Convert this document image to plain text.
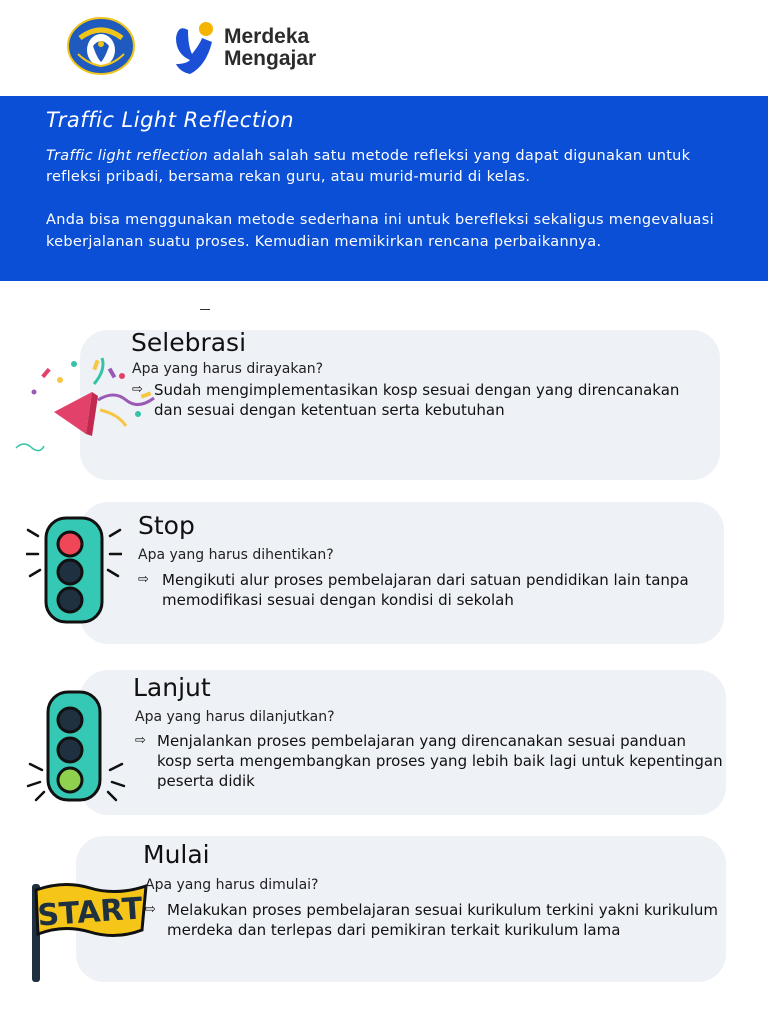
Merdeka
Mengajar
Traffic Light Reflection

Traffic light reflection adalah salah satu metode refleksi yang dapat digunakan untuk refleksi pribadi, bersama rekan guru, atau murid-murid di kelas.

Anda bisa menggunakan metode sederhana ini untuk berefleksi sekaligus mengevaluasi keberjalanan suatu proses. Kemudian memikirkan rencana perbaikannya.

Selebrasi
Apa yang harus dirayakan?
⇨ Sudah mengimplementasikan kosp sesuai dengan yang direncanakan dan sesuai dengan ketentuan serta kebutuhan
Stop
Apa yang harus dihentikan?
⇨ Mengikuti alur proses pembelajaran dari satuan pendidikan lain tanpa memodifikasi sesuai dengan kondisi di sekolah
Lanjut
Apa yang harus dilanjutkan?
⇨ Menjalankan proses pembelajaran yang direncanakan sesuai panduan kosp serta mengembangkan proses yang lebih baik lagi untuk kepentingan peserta didik
START
Mulai
Apa yang harus dimulai?
⇨ Melakukan proses pembelajaran sesuai kurikulum terkini yakni kurikulum merdeka dan terlepas dari pemikiran terkait kurikulum lama
